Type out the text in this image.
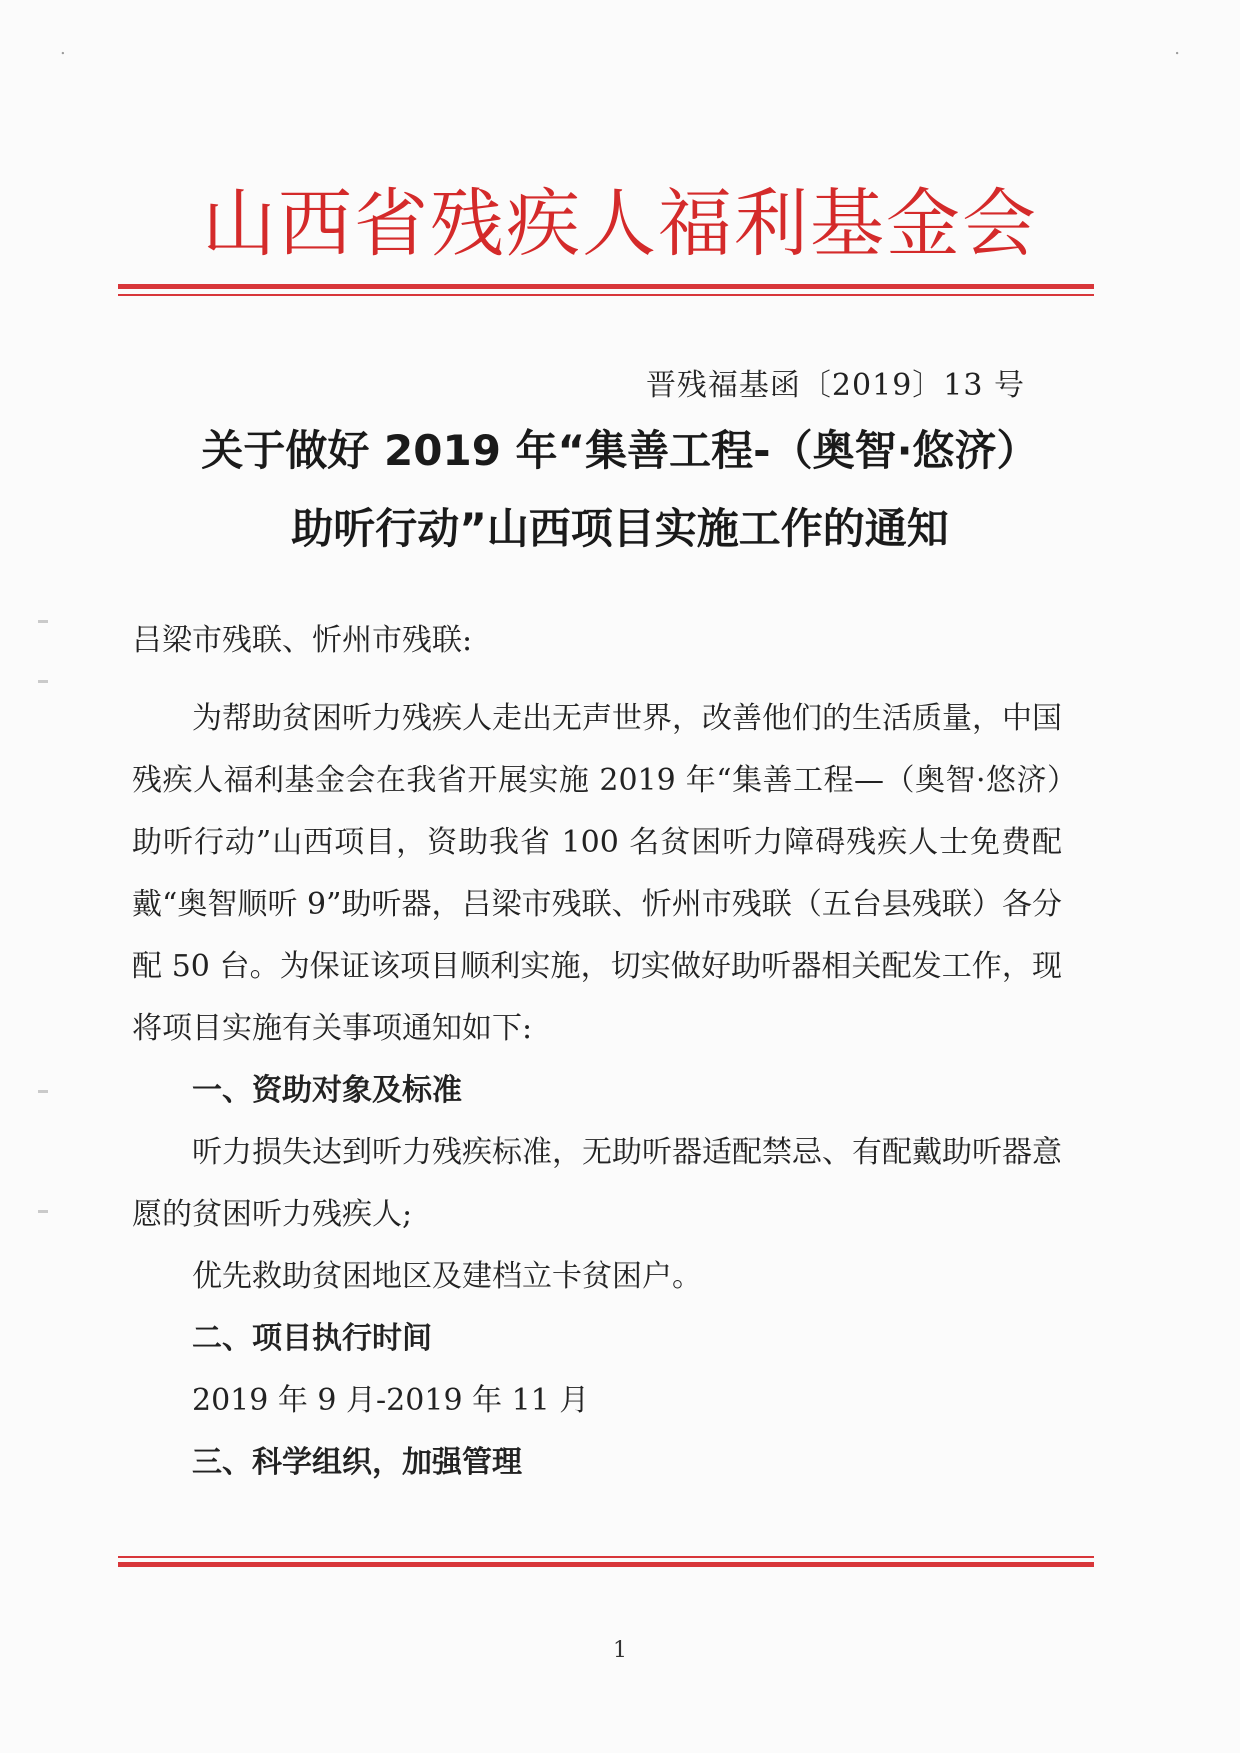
.	.
山西省残疾人福利基金会
晋残福基函〔2019〕13 号
关于做好 2019 年“集善工程-（奥智·悠济）
助听行动”山西项目实施工作的通知
吕梁市残联、忻州市残联:

为帮助贫困听力残疾人走出无声世界，改善他们的生活质量，中国残疾人福利基金会在我省开展实施 2019 年“集善工程—（奥智·悠济）助听行动”山西项目，资助我省 100 名贫困听力障碍残疾人士免费配戴“奥智顺听 9”助听器，吕梁市残联、忻州市残联（五台县残联）各分配 50 台。为保证该项目顺利实施，切实做好助听器相关配发工作，现将项目实施有关事项通知如下:

一、资助对象及标准

听力损失达到听力残疾标准，无助听器适配禁忌、有配戴助听器意愿的贫困听力残疾人;

优先救助贫困地区及建档立卡贫困户。

二、项目执行时间

2019 年 9 月-2019 年 11 月

三、科学组织，加强管理
1
